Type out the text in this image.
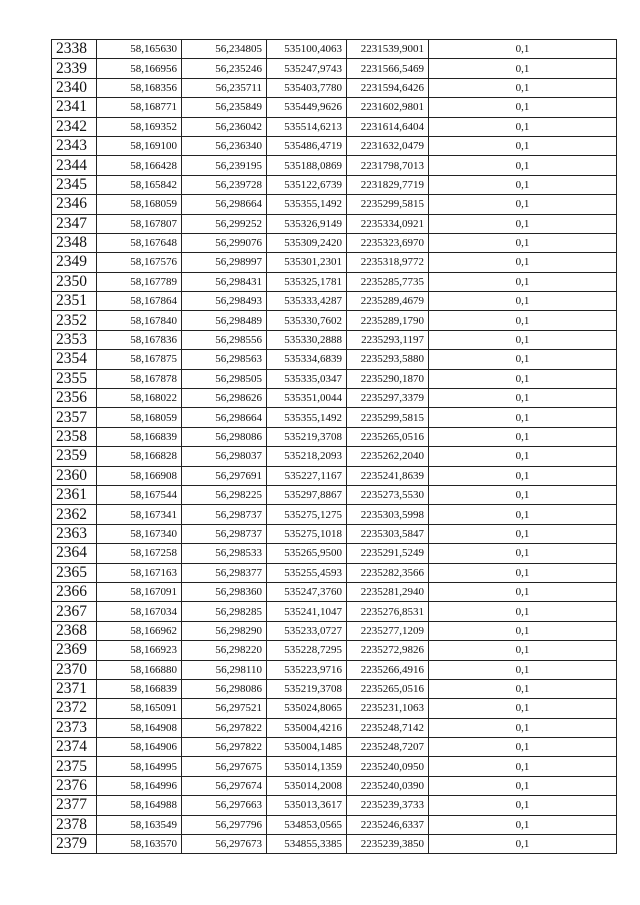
2338	58,165630	56,234805	535100,4063	2231539,9001	0,1
2339	58,166956	56,235246	535247,9743	2231566,5469	0,1
2340	58,168356	56,235711	535403,7780	2231594,6426	0,1
2341	58,168771	56,235849	535449,9626	2231602,9801	0,1
2342	58,169352	56,236042	535514,6213	2231614,6404	0,1
2343	58,169100	56,236340	535486,4719	2231632,0479	0,1
2344	58,166428	56,239195	535188,0869	2231798,7013	0,1
2345	58,165842	56,239728	535122,6739	2231829,7719	0,1
2346	58,168059	56,298664	535355,1492	2235299,5815	0,1
2347	58,167807	56,299252	535326,9149	2235334,0921	0,1
2348	58,167648	56,299076	535309,2420	2235323,6970	0,1
2349	58,167576	56,298997	535301,2301	2235318,9772	0,1
2350	58,167789	56,298431	535325,1781	2235285,7735	0,1
2351	58,167864	56,298493	535333,4287	2235289,4679	0,1
2352	58,167840	56,298489	535330,7602	2235289,1790	0,1
2353	58,167836	56,298556	535330,2888	2235293,1197	0,1
2354	58,167875	56,298563	535334,6839	2235293,5880	0,1
2355	58,167878	56,298505	535335,0347	2235290,1870	0,1
2356	58,168022	56,298626	535351,0044	2235297,3379	0,1
2357	58,168059	56,298664	535355,1492	2235299,5815	0,1
2358	58,166839	56,298086	535219,3708	2235265,0516	0,1
2359	58,166828	56,298037	535218,2093	2235262,2040	0,1
2360	58,166908	56,297691	535227,1167	2235241,8639	0,1
2361	58,167544	56,298225	535297,8867	2235273,5530	0,1
2362	58,167341	56,298737	535275,1275	2235303,5998	0,1
2363	58,167340	56,298737	535275,1018	2235303,5847	0,1
2364	58,167258	56,298533	535265,9500	2235291,5249	0,1
2365	58,167163	56,298377	535255,4593	2235282,3566	0,1
2366	58,167091	56,298360	535247,3760	2235281,2940	0,1
2367	58,167034	56,298285	535241,1047	2235276,8531	0,1
2368	58,166962	56,298290	535233,0727	2235277,1209	0,1
2369	58,166923	56,298220	535228,7295	2235272,9826	0,1
2370	58,166880	56,298110	535223,9716	2235266,4916	0,1
2371	58,166839	56,298086	535219,3708	2235265,0516	0,1
2372	58,165091	56,297521	535024,8065	2235231,1063	0,1
2373	58,164908	56,297822	535004,4216	2235248,7142	0,1
2374	58,164906	56,297822	535004,1485	2235248,7207	0,1
2375	58,164995	56,297675	535014,1359	2235240,0950	0,1
2376	58,164996	56,297674	535014,2008	2235240,0390	0,1
2377	58,164988	56,297663	535013,3617	2235239,3733	0,1
2378	58,163549	56,297796	534853,0565	2235246,6337	0,1
2379	58,163570	56,297673	534855,3385	2235239,3850	0,1
